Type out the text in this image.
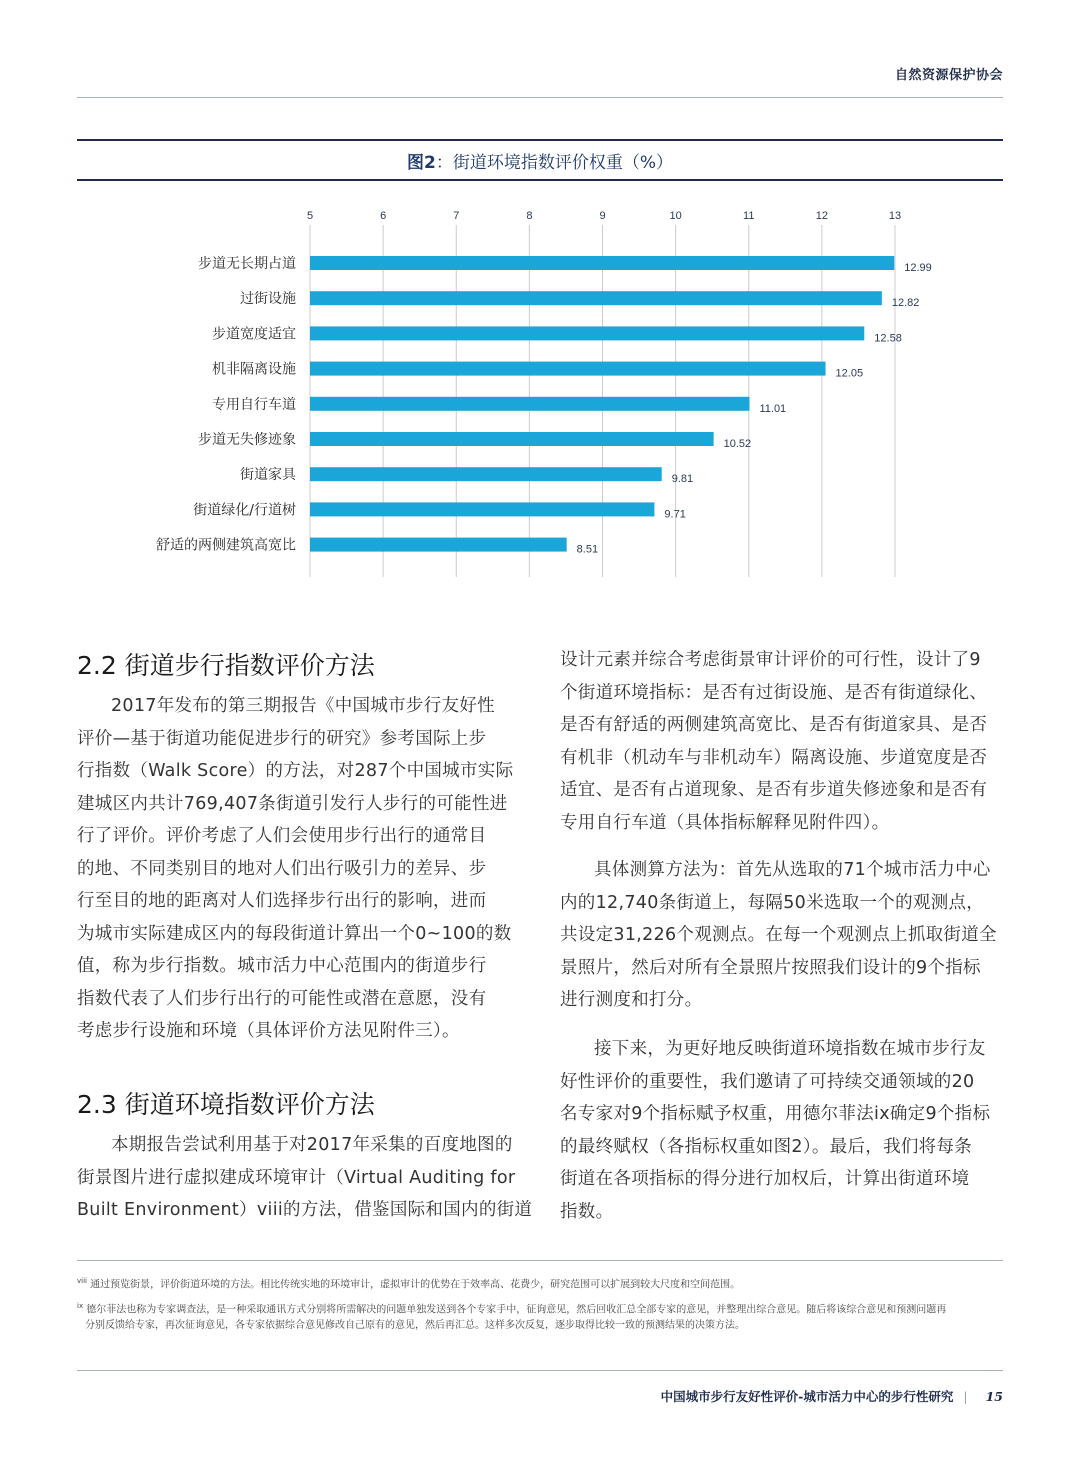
自然资源保护协会
图2：街道环境指数评价权重（%）
5	6	7	8	9	10	11	12	13
步道无长期占道	12.99
过街设施	12.82
步道宽度适宜	12.58
机非隔离设施	12.05
专用自行车道	11.01
步道无失修迹象	10.52
街道家具	9.81
街道绿化/行道树	9.71
舒适的两侧建筑高宽比	8.51
2.2 街道步行指数评价方法
2017年发布的第三期报告《中国城市步行友好性
评价—基于街道功能促进步行的研究》参考国际上步
行指数（Walk Score）的方法，对287个中国城市实际
建城区内共计769,407条街道引发行人步行的可能性进
行了评价。评价考虑了人们会使用步行出行的通常目
的地、不同类别目的地对人们出行吸引力的差异、步
行至目的地的距离对人们选择步行出行的影响，进而
为城市实际建成区内的每段街道计算出一个0~100的数
值，称为步行指数。城市活力中心范围内的街道步行
指数代表了人们步行出行的可能性或潜在意愿，没有
考虑步行设施和环境（具体评价方法见附件三）。
2.3 街道环境指数评价方法
本期报告尝试利用基于对2017年采集的百度地图的
街景图片进行虚拟建成环境审计（Virtual Auditing for
Built Environment）viii的方法，借鉴国际和国内的街道
设计元素并综合考虑街景审计评价的可行性，设计了9
个街道环境指标：是否有过街设施、是否有街道绿化、
是否有舒适的两侧建筑高宽比、是否有街道家具、是否
有机非（机动车与非机动车）隔离设施、步道宽度是否
适宜、是否有占道现象、是否有步道失修迹象和是否有
专用自行车道（具体指标解释见附件四）。
具体测算方法为：首先从选取的71个城市活力中心
内的12,740条街道上，每隔50米选取一个的观测点，
共设定31,226个观测点。在每一个观测点上抓取街道全
景照片，然后对所有全景照片按照我们设计的9个指标
进行测度和打分。
接下来，为更好地反映街道环境指数在城市步行友
好性评价的重要性，我们邀请了可持续交通领域的20
名专家对9个指标赋予权重，用德尔菲法ix确定9个指标
的最终赋权（各指标权重如图2）。最后，我们将每条
街道在各项指标的得分进行加权后，计算出街道环境
指数。
$^{viii}$ 通过预览街景，评价街道环境的方法。相比传统实地的环境审计，虚拟审计的优势在于效率高、花费少，研究范围可以扩展到较大尺度和空间范围。
$^{ix}$ 德尔菲法也称为专家调查法，是一种采取通讯方式分别将所需解决的问题单独发送到各个专家手中，征询意见，然后回收汇总全部专家的意见，并整理出综合意见。随后将该综合意见和预测问题再
分别反馈给专家，再次征询意见，各专家依据综合意见修改自己原有的意见，然后再汇总。这样多次反复，逐步取得比较一致的预测结果的决策方法。
中国城市步行友好性评价-城市活力中心的步行性研究 | 15
